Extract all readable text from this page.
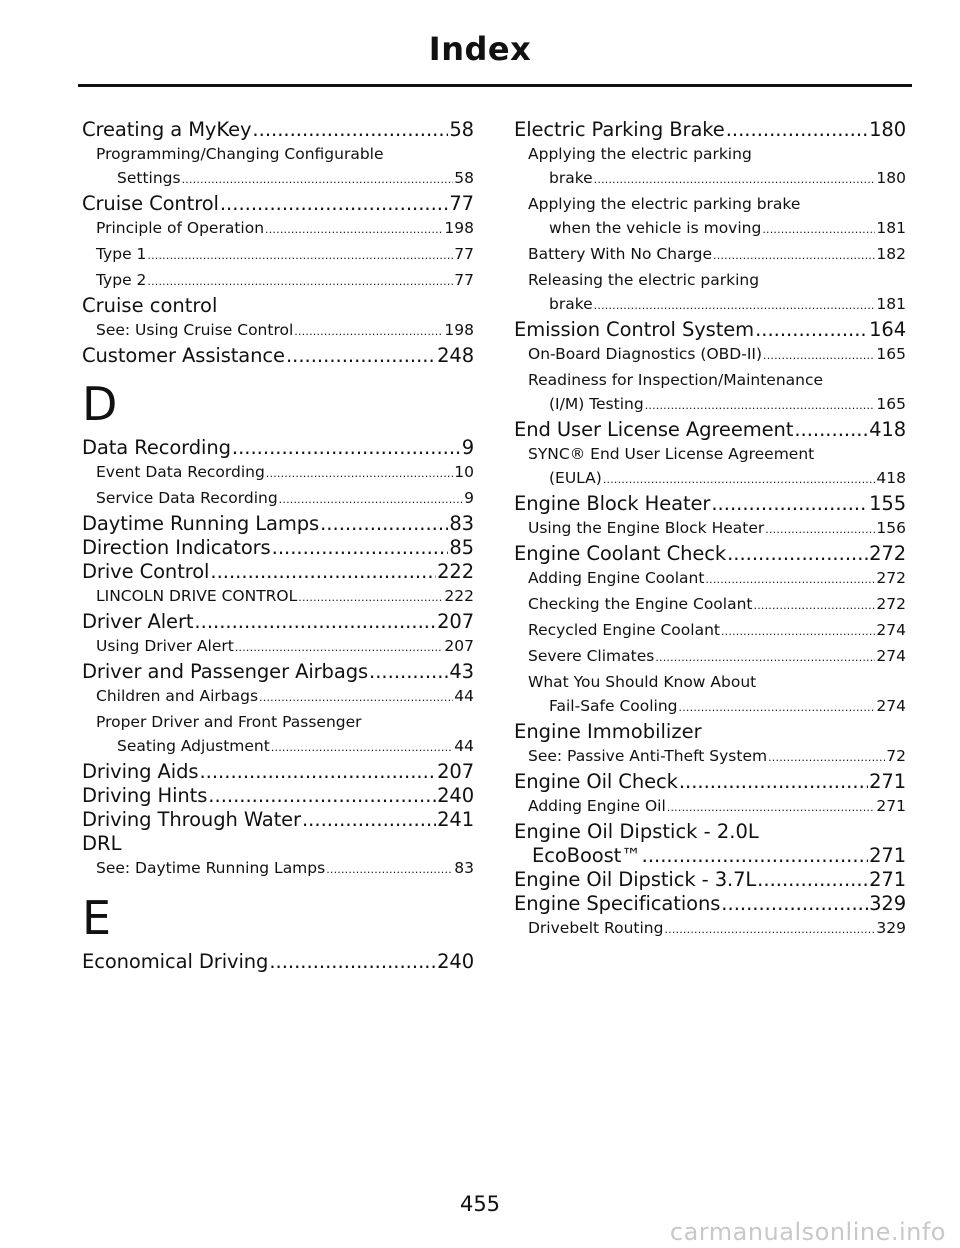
Index
Creating a MyKey .....	58
Programming/Changing Configurable
Settings .....	58
Cruise Control .....	77
Principle of Operation .....	198
Type 1 .....	77
Type 2 .....	77
Cruise control
See: Using Cruise Control .....	198
Customer Assistance .....	248
D
Data Recording .....	9
Event Data Recording .....	10
Service Data Recording .....	9
Daytime Running Lamps .....	83
Direction Indicators .....	85
Drive Control .....	222
LINCOLN DRIVE CONTROL .....	222
Driver Alert .....	207
Using Driver Alert .....	207
Driver and Passenger Airbags .....	43
Children and Airbags .....	44
Proper Driver and Front Passenger
Seating Adjustment .....	44
Driving Aids .....	207
Driving Hints .....	240
Driving Through Water .....	241
DRL
See: Daytime Running Lamps .....	83
E
Economical Driving .....	240
Electric Parking Brake .....	180
Applying the electric parking
brake .....	180
Applying the electric parking brake
when the vehicle is moving .....	181
Battery With No Charge .....	182
Releasing the electric parking
brake .....	181
Emission Control System .....	164
On-Board Diagnostics (OBD-II) .....	165
Readiness for Inspection/Maintenance
(I/M) Testing .....	165
End User License Agreement .....	418
SYNC® End User License Agreement
(EULA) .....	418
Engine Block Heater .....	155
Using the Engine Block Heater .....	156
Engine Coolant Check .....	272
Adding Engine Coolant .....	272
Checking the Engine Coolant .....	272
Recycled Engine Coolant .....	274
Severe Climates .....	274
What You Should Know About
Fail-Safe Cooling .....	274
Engine Immobilizer
See: Passive Anti-Theft System .....	72
Engine Oil Check .....	271
Adding Engine Oil .....	271
Engine Oil Dipstick - 2.0L
EcoBoost™ .....	271
Engine Oil Dipstick - 3.7L .....	271
Engine Specifications .....	329
Drivebelt Routing .....	329
455
carmanualsonline.info
